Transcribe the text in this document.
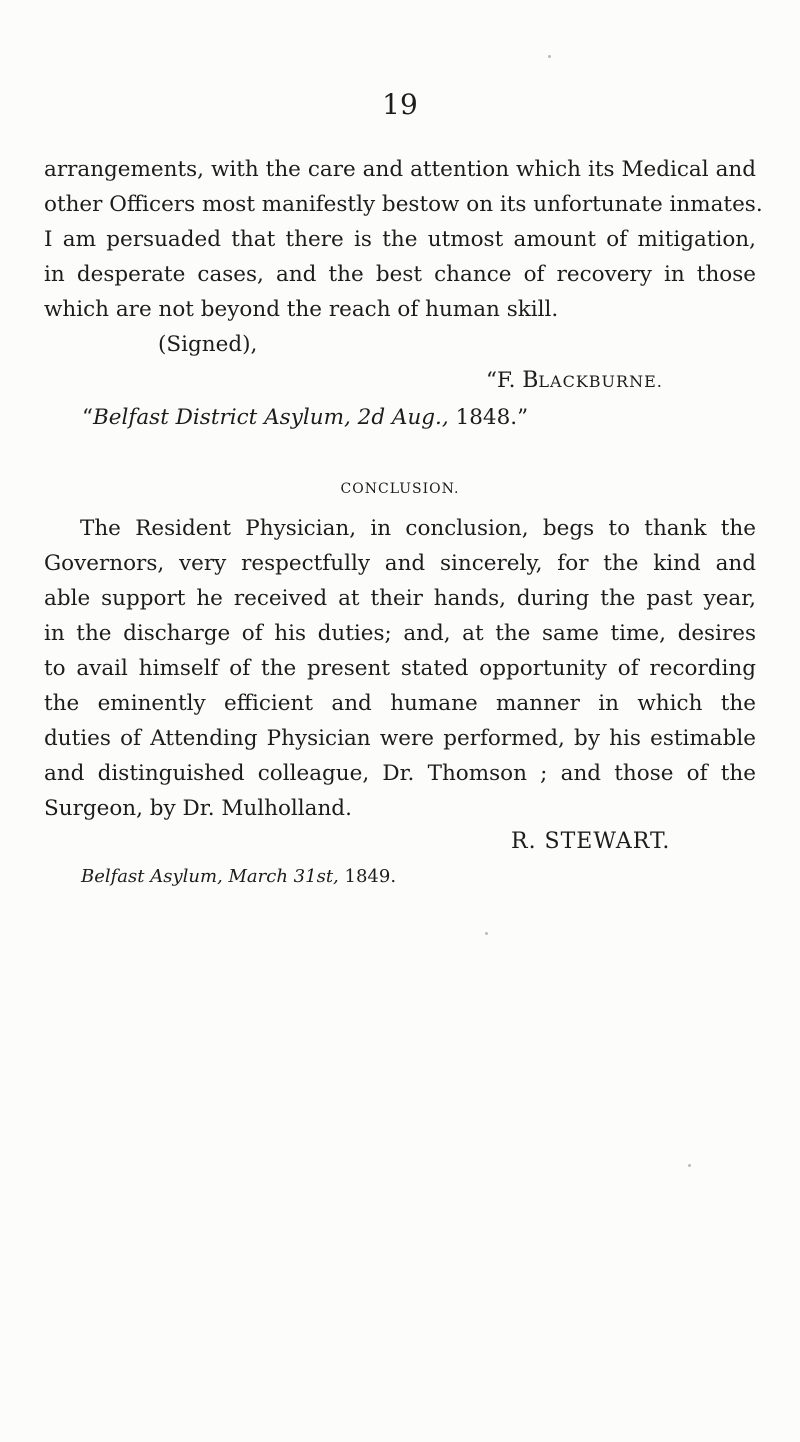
19
arrangements, with the care and attention which its Medical and
other Officers most manifestly bestow on its unfortunate inmates.
I am persuaded that there is the utmost amount of mitigation,
in desperate cases, and the best chance of recovery in those
which are not beyond the reach of human skill.
(Signed),
“F. BLACKBURNE.
“Belfast District Asylum, 2d Aug., 1848.”
CONCLUSION.
The Resident Physician, in conclusion, begs to thank the
Governors, very respectfully and sincerely, for the kind and
able support he received at their hands, during the past year,
in the discharge of his duties; and, at the same time, desires
to avail himself of the present stated opportunity of recording
the eminently efficient and humane manner in which the
duties of Attending Physician were performed, by his estimable
and distinguished colleague, Dr. Thomson ; and those of the
Surgeon, by Dr. Mulholland.
R. STEWART.
Belfast Asylum, March 31st, 1849.
